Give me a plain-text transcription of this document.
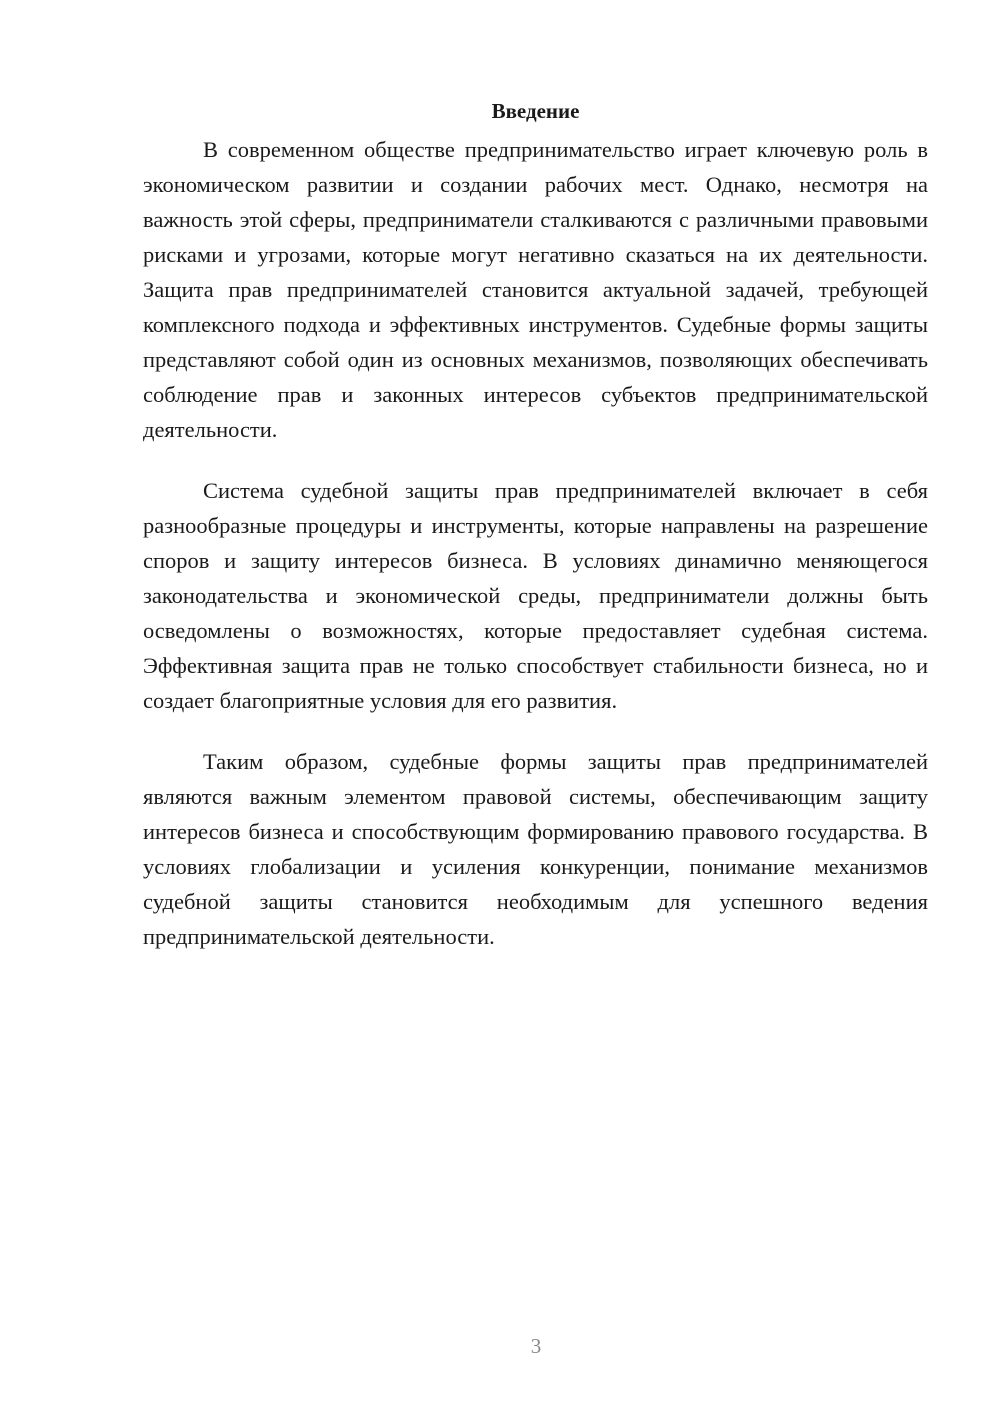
Введение

В современном обществе предпринимательство играет ключевую роль в экономическом развитии и создании рабочих мест. Однако, несмотря на важность этой сферы, предприниматели сталкиваются с различными правовыми рисками и угрозами, которые могут негативно сказаться на их деятельности. Защита прав предпринимателей становится актуальной задачей, требующей комплексного подхода и эффективных инструментов. Судебные формы защиты представляют собой один из основных механизмов, позволяющих обеспечивать соблюдение прав и законных интересов субъектов предпринимательской деятельности.

Система судебной защиты прав предпринимателей включает в себя разнообразные процедуры и инструменты, которые направлены на разрешение споров и защиту интересов бизнеса. В условиях динамично меняющегося законодательства и экономической среды, предприниматели должны быть осведомлены о возможностях, которые предоставляет судебная система. Эффективная защита прав не только способствует стабильности бизнеса, но и создает благоприятные условия для его развития.

Таким образом, судебные формы защиты прав предпринимателей являются важным элементом правовой системы, обеспечивающим защиту интересов бизнеса и способствующим формированию правового государства. В условиях глобализации и усиления конкуренции, понимание механизмов судебной защиты становится необходимым для успешного ведения предпринимательской деятельности.

3
